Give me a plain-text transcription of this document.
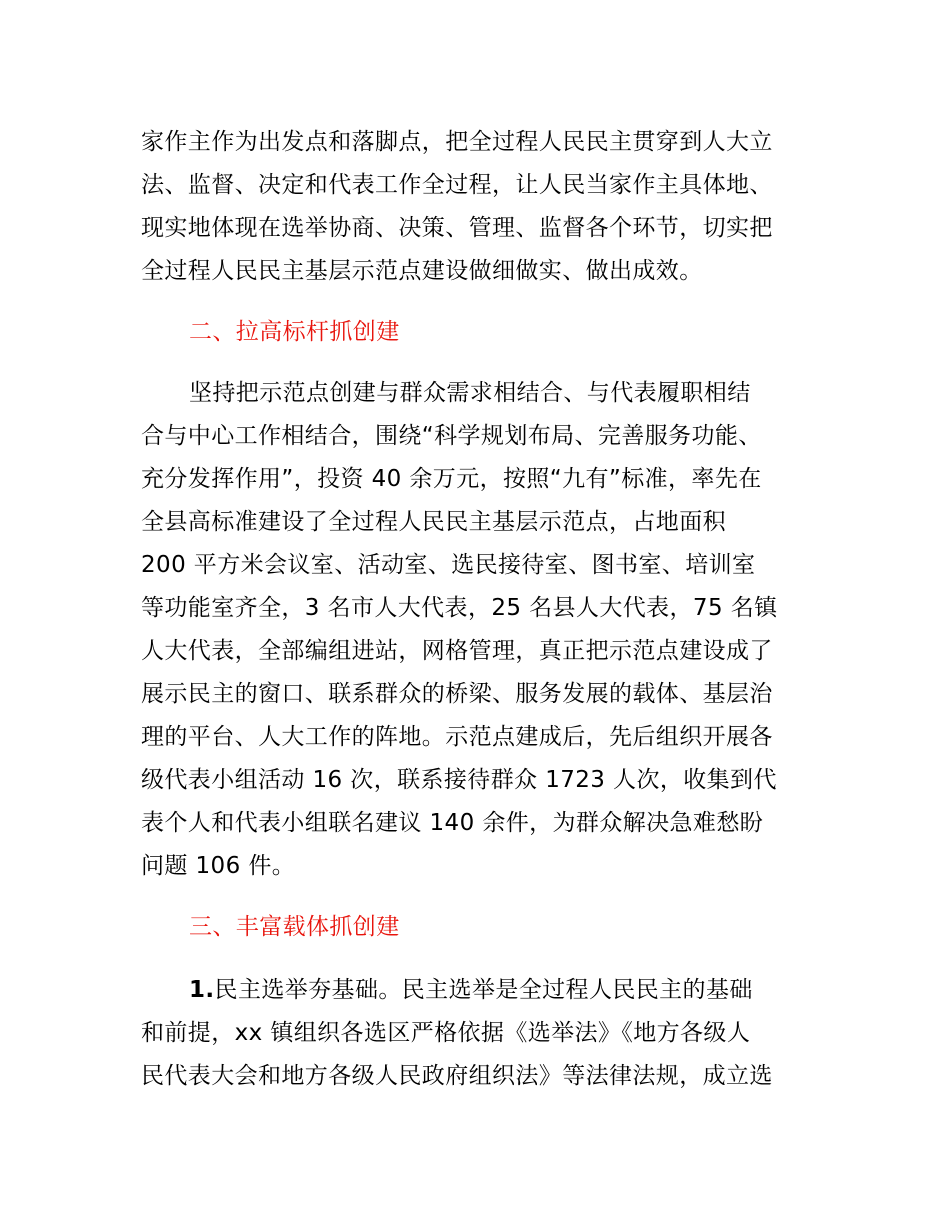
家作主作为出发点和落脚点，把全过程人民民主贯穿到人大立
法、监督、决定和代表工作全过程，让人民当家作主具体地、
现实地体现在选举协商、决策、管理、监督各个环节，切实把
全过程人民民主基层示范点建设做细做实、做出成效。
二、拉高标杆抓创建
坚持把示范点创建与群众需求相结合、与代表履职相结
合与中心工作相结合，围绕“科学规划布局、完善服务功能、
充分发挥作用”，投资 40 余万元，按照“九有”标准，率先在
全县高标准建设了全过程人民民主基层示范点，占地面积
200 平方米会议室、活动室、选民接待室、图书室、培训室
等功能室齐全，3 名市人大代表，25 名县人大代表，75 名镇
人大代表，全部编组进站，网格管理，真正把示范点建设成了
展示民主的窗口、联系群众的桥梁、服务发展的载体、基层治
理的平台、人大工作的阵地。示范点建成后，先后组织开展各
级代表小组活动 16 次，联系接待群众 1723 人次，收集到代
表个人和代表小组联名建议 140 余件，为群众解决急难愁盼
问题 106 件。
三、丰富载体抓创建
1.民主选举夯基础。民主选举是全过程人民民主的基础
和前提，xx 镇组织各选区严格依据《选举法》《地方各级人
民代表大会和地方各级人民政府组织法》等法律法规，成立选
